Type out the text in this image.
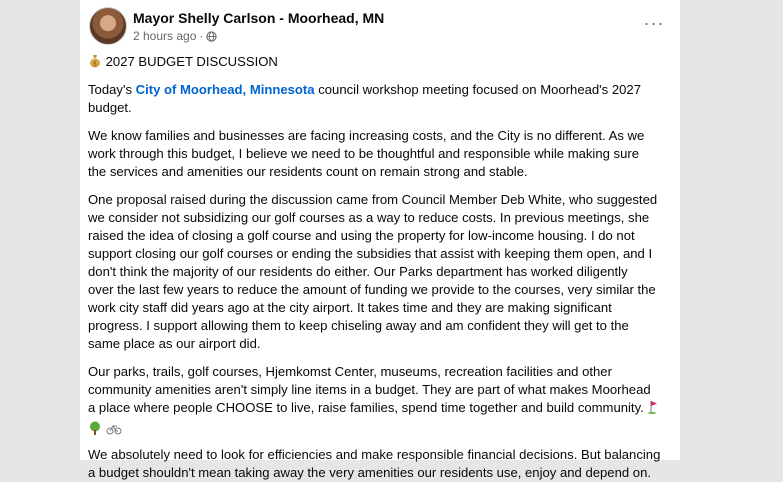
Mayor Shelly Carlson - Moorhead, MN
2 hours ago ·
···

$ 2027 BUDGET DISCUSSION

Today's City of Moorhead, Minnesota council workshop meeting focused on Moorhead's 2027
budget.

We know families and businesses are facing increasing costs, and the City is no different. As we
work through this budget, I believe we need to be thoughtful and responsible while making sure
the services and amenities our residents count on remain strong and stable.

One proposal raised during the discussion came from Council Member Deb White, who suggested
we consider not subsidizing our golf courses as a way to reduce costs. In previous meetings, she
raised the idea of closing a golf course and using the property for low-income housing. I do not
support closing our golf courses or ending the subsidies that assist with keeping them open, and I
don't think the majority of our residents do either. Our Parks department has worked diligently
over the last few years to reduce the amount of funding we provide to the courses, very similar the
work city staff did years ago at the city airport. It takes time and they are making significant
progress. I support allowing them to keep chiseling away and am confident they will get to the
same place as our airport did.

Our parks, trails, golf courses, Hjemkomst Center, museums, recreation facilities and other
community amenities aren't simply line items in a budget. They are part of what makes Moorhead
a place where people CHOOSE to live, raise families, spend time together and build community.

We absolutely need to look for efficiencies and make responsible financial decisions. But balancing
a budget shouldn't mean taking away the very amenities our residents use, enjoy and depend on.
